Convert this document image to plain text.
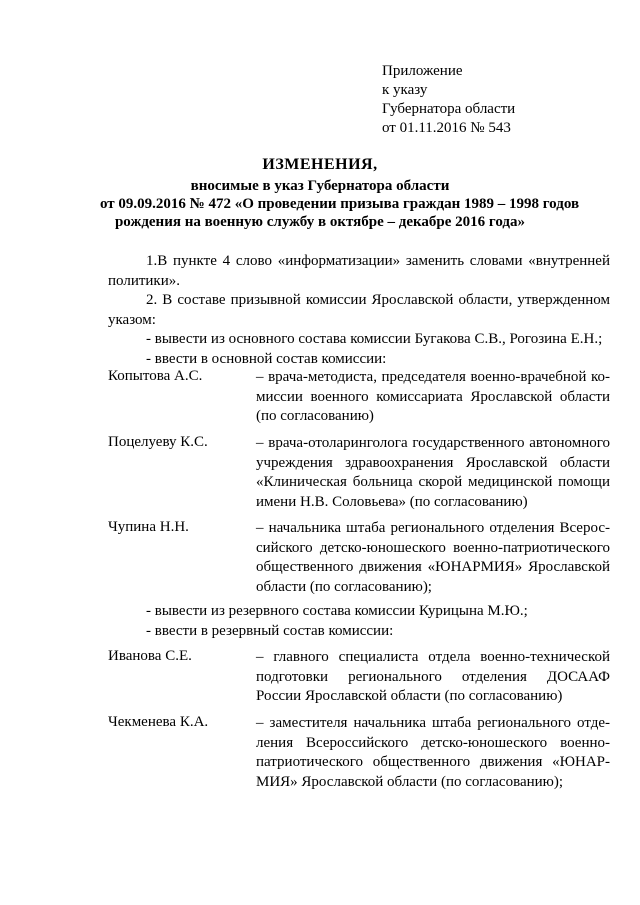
Приложение
к указу
Губернатора области
от 01.11.2016 № 543
ИЗМЕНЕНИЯ,
вносимые в указ Губернатора области
от 09.09.2016 № 472 «О проведении призыва граждан 1989 – 1998 годов
рождения на военную службу в октябре – декабре 2016 года»
1.В пункте 4 слово «информатизации» заменить словами «внутренней политики».
2. В составе призывной комиссии Ярославской области, утвержденном указом:
- вывести из основного состава комиссии Бугакова С.В., Рогозина Е.Н.;
- ввести в основной состав комиссии:
Копытова А.С.	– врача-методиста, председателя военно-врачебной ко-миссии военного комиссариата Ярославской области (по согласованию)
Поцелуеву К.С.	– врача-отоларинголога государственного автономного учреждения здравоохранения Ярославской области «Клиническая больница скорой медицинской помощи имени Н.В. Соловьева» (по согласованию)
Чупина Н.Н.	– начальника штаба регионального отделения Всерос-сийского детско-юношеского военно-патриотического общественного движения «ЮНАРМИЯ» Ярославской области (по согласованию);
- вывести из резервного состава комиссии Курицына М.Ю.;
- ввести в резервный состав комиссии:
Иванова С.Е.	– главного специалиста отдела военно-технической подготовки регионального отделения ДОСААФ России Ярославской области (по согласованию)
Чекменева К.А.	– заместителя начальника штаба регионального отде-ления Всероссийского детско-юношеского военно-патриотического общественного движения «ЮНАР-МИЯ» Ярославской области (по согласованию);
